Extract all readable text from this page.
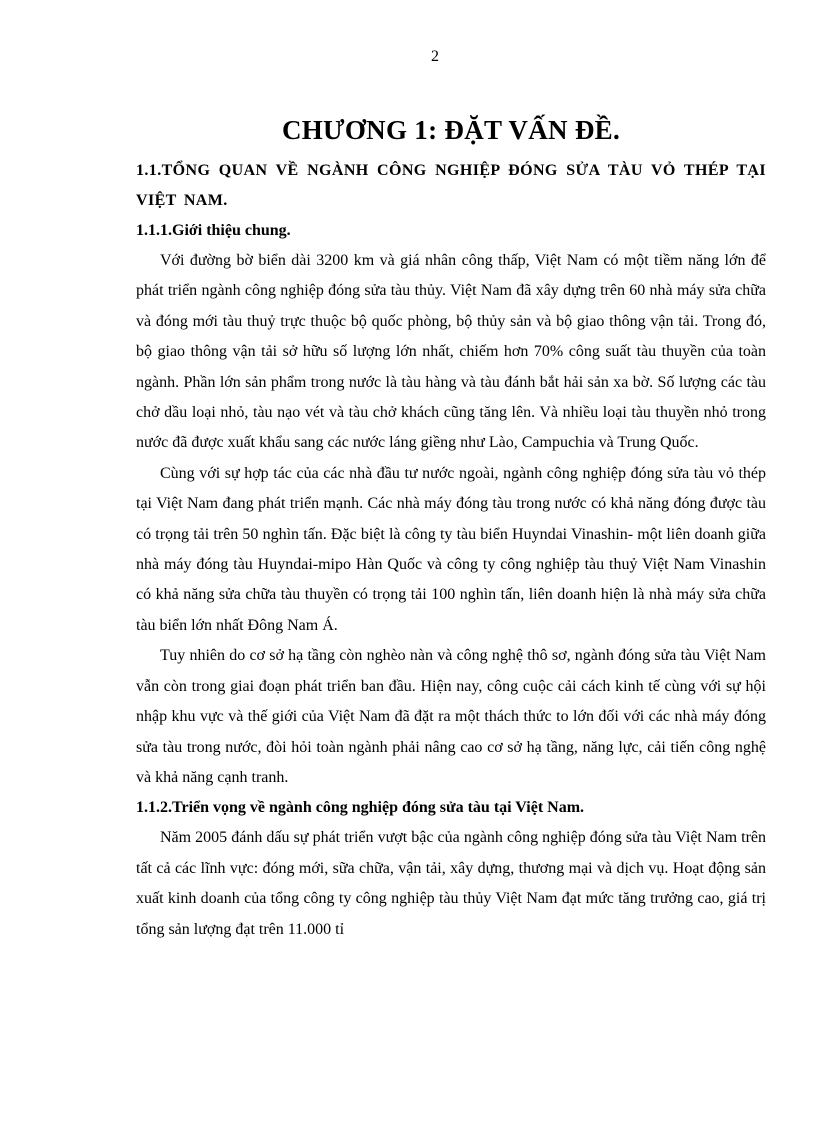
2
CHƯƠNG 1: ĐẶT VẤN ĐỀ.
1.1.TỔNG QUAN VỀ NGÀNH CÔNG NGHIỆP ĐÓNG SỬA TÀU VỎ THÉP TẠI VIỆT NAM.
1.1.1.Giới thiệu chung.

Với đường bờ biển dài 3200 km và giá nhân công thấp, Việt Nam có một tiềm năng lớn để phát triển ngành công nghiệp đóng sửa tàu thủy. Việt Nam đã xây dựng trên 60 nhà máy sửa chữa và đóng mới tàu thuỷ trực thuộc bộ quốc phòng, bộ thủy sản và bộ giao thông vận tải. Trong đó, bộ giao thông vận tải sở hữu số lượng lớn nhất, chiếm hơn 70% công suất tàu thuyền của toàn ngành. Phần lớn sản phẩm trong nước là tàu hàng và tàu đánh bắt hải sản xa bờ. Số lượng các tàu chở dầu loại nhỏ, tàu nạo vét và tàu chở khách cũng tăng lên. Và nhiều loại tàu thuyền nhỏ trong nước đã được xuất khẩu sang các nước láng giềng như Lào, Campuchia và Trung Quốc.

Cùng với sự hợp tác của các nhà đầu tư nước ngoài, ngành công nghiệp đóng sửa tàu vỏ thép tại Việt Nam đang phát triển mạnh. Các nhà máy đóng tàu trong nước có khả năng đóng được tàu có trọng tải trên 50 nghìn tấn. Đặc biệt là công ty tàu biển Huyndai Vinashin- một liên doanh giữa nhà máy đóng tàu Huyndai-mipo Hàn Quốc và công ty công nghiệp tàu thuỷ Việt Nam Vinashin có khả năng sửa chữa tàu thuyền có trọng tải 100 nghìn tấn, liên doanh hiện là nhà máy sửa chữa tàu biển lớn nhất Đông Nam Á.

Tuy nhiên do cơ sở hạ tầng còn nghèo nàn và công nghệ thô sơ, ngành đóng sửa tàu Việt Nam vẫn còn trong giai đoạn phát triển ban đầu. Hiện nay, công cuộc cải cách kinh tế cùng với sự hội nhập khu vực và thế giới của Việt Nam đã đặt ra một thách thức to lớn đối với các nhà máy đóng sửa tàu trong nước, đòi hỏi toàn ngành phải nâng cao cơ sở hạ tầng, năng lực, cải tiến công nghệ và khả năng cạnh tranh.

1.1.2.Triển vọng về ngành công nghiệp đóng sửa tàu tại Việt Nam.

Năm 2005 đánh dấu sự phát triển vượt bậc của ngành công nghiệp đóng sửa tàu Việt Nam trên tất cả các lĩnh vực: đóng mới, sữa chữa, vận tải, xây dựng, thương mại và dịch vụ. Hoạt động sản xuất kinh doanh của tổng công ty công nghiệp tàu thủy Việt Nam đạt mức tăng trưởng cao, giá trị tổng sản lượng đạt trên 11.000 tỉ
